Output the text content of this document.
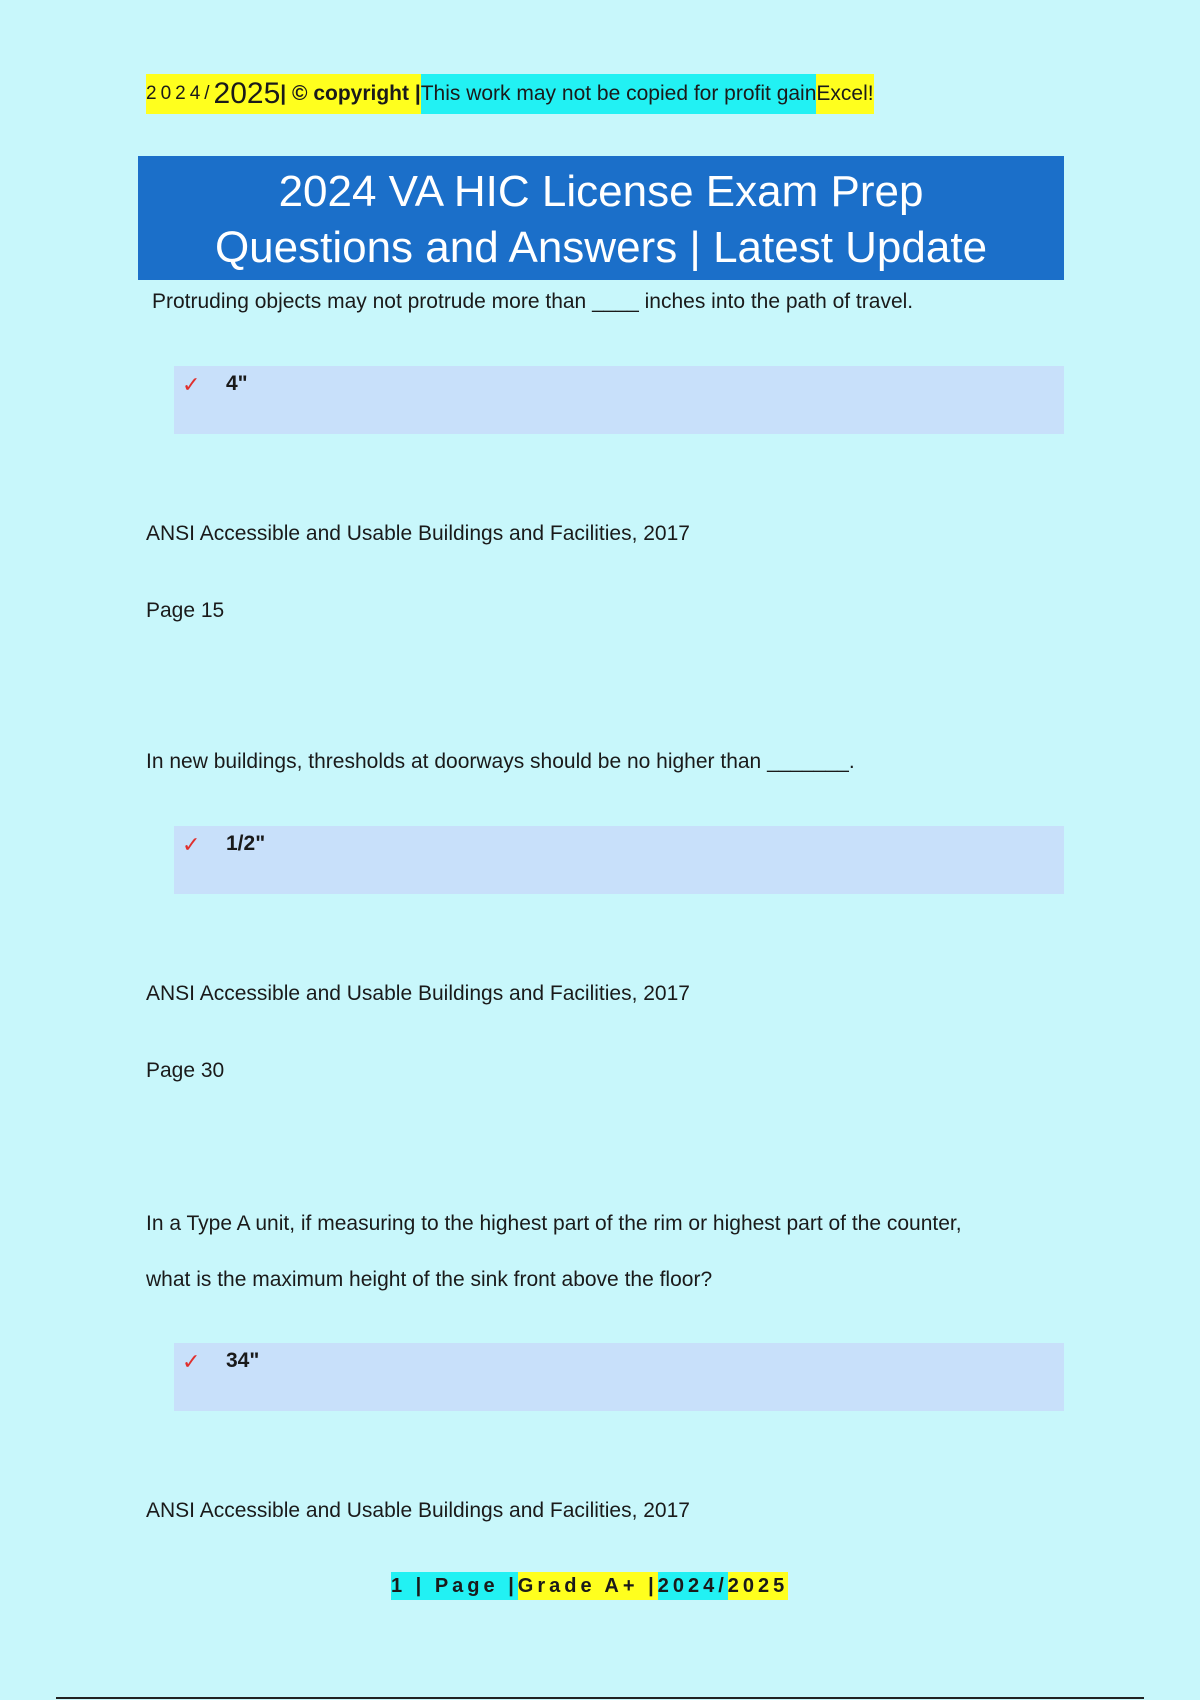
2024/ 2025 | © copyright | This work may not be copied for profit gain Excel!
2024 VA HIC License Exam Prep
Questions and Answers | Latest Update
Protruding objects may not protrude more than ____ inches into the path of travel.
✓ 4"
ANSI Accessible and Usable Buildings and Facilities, 2017
Page 15
In new buildings, thresholds at doorways should be no higher than _______.
✓ 1/2"
ANSI Accessible and Usable Buildings and Facilities, 2017
Page 30
In a Type A unit, if measuring to the highest part of the rim or highest part of the counter,
what is the maximum height of the sink front above the floor?
✓ 34"
ANSI Accessible and Usable Buildings and Facilities, 2017
1 | Page | Grade A+ | 2024/ 2025
